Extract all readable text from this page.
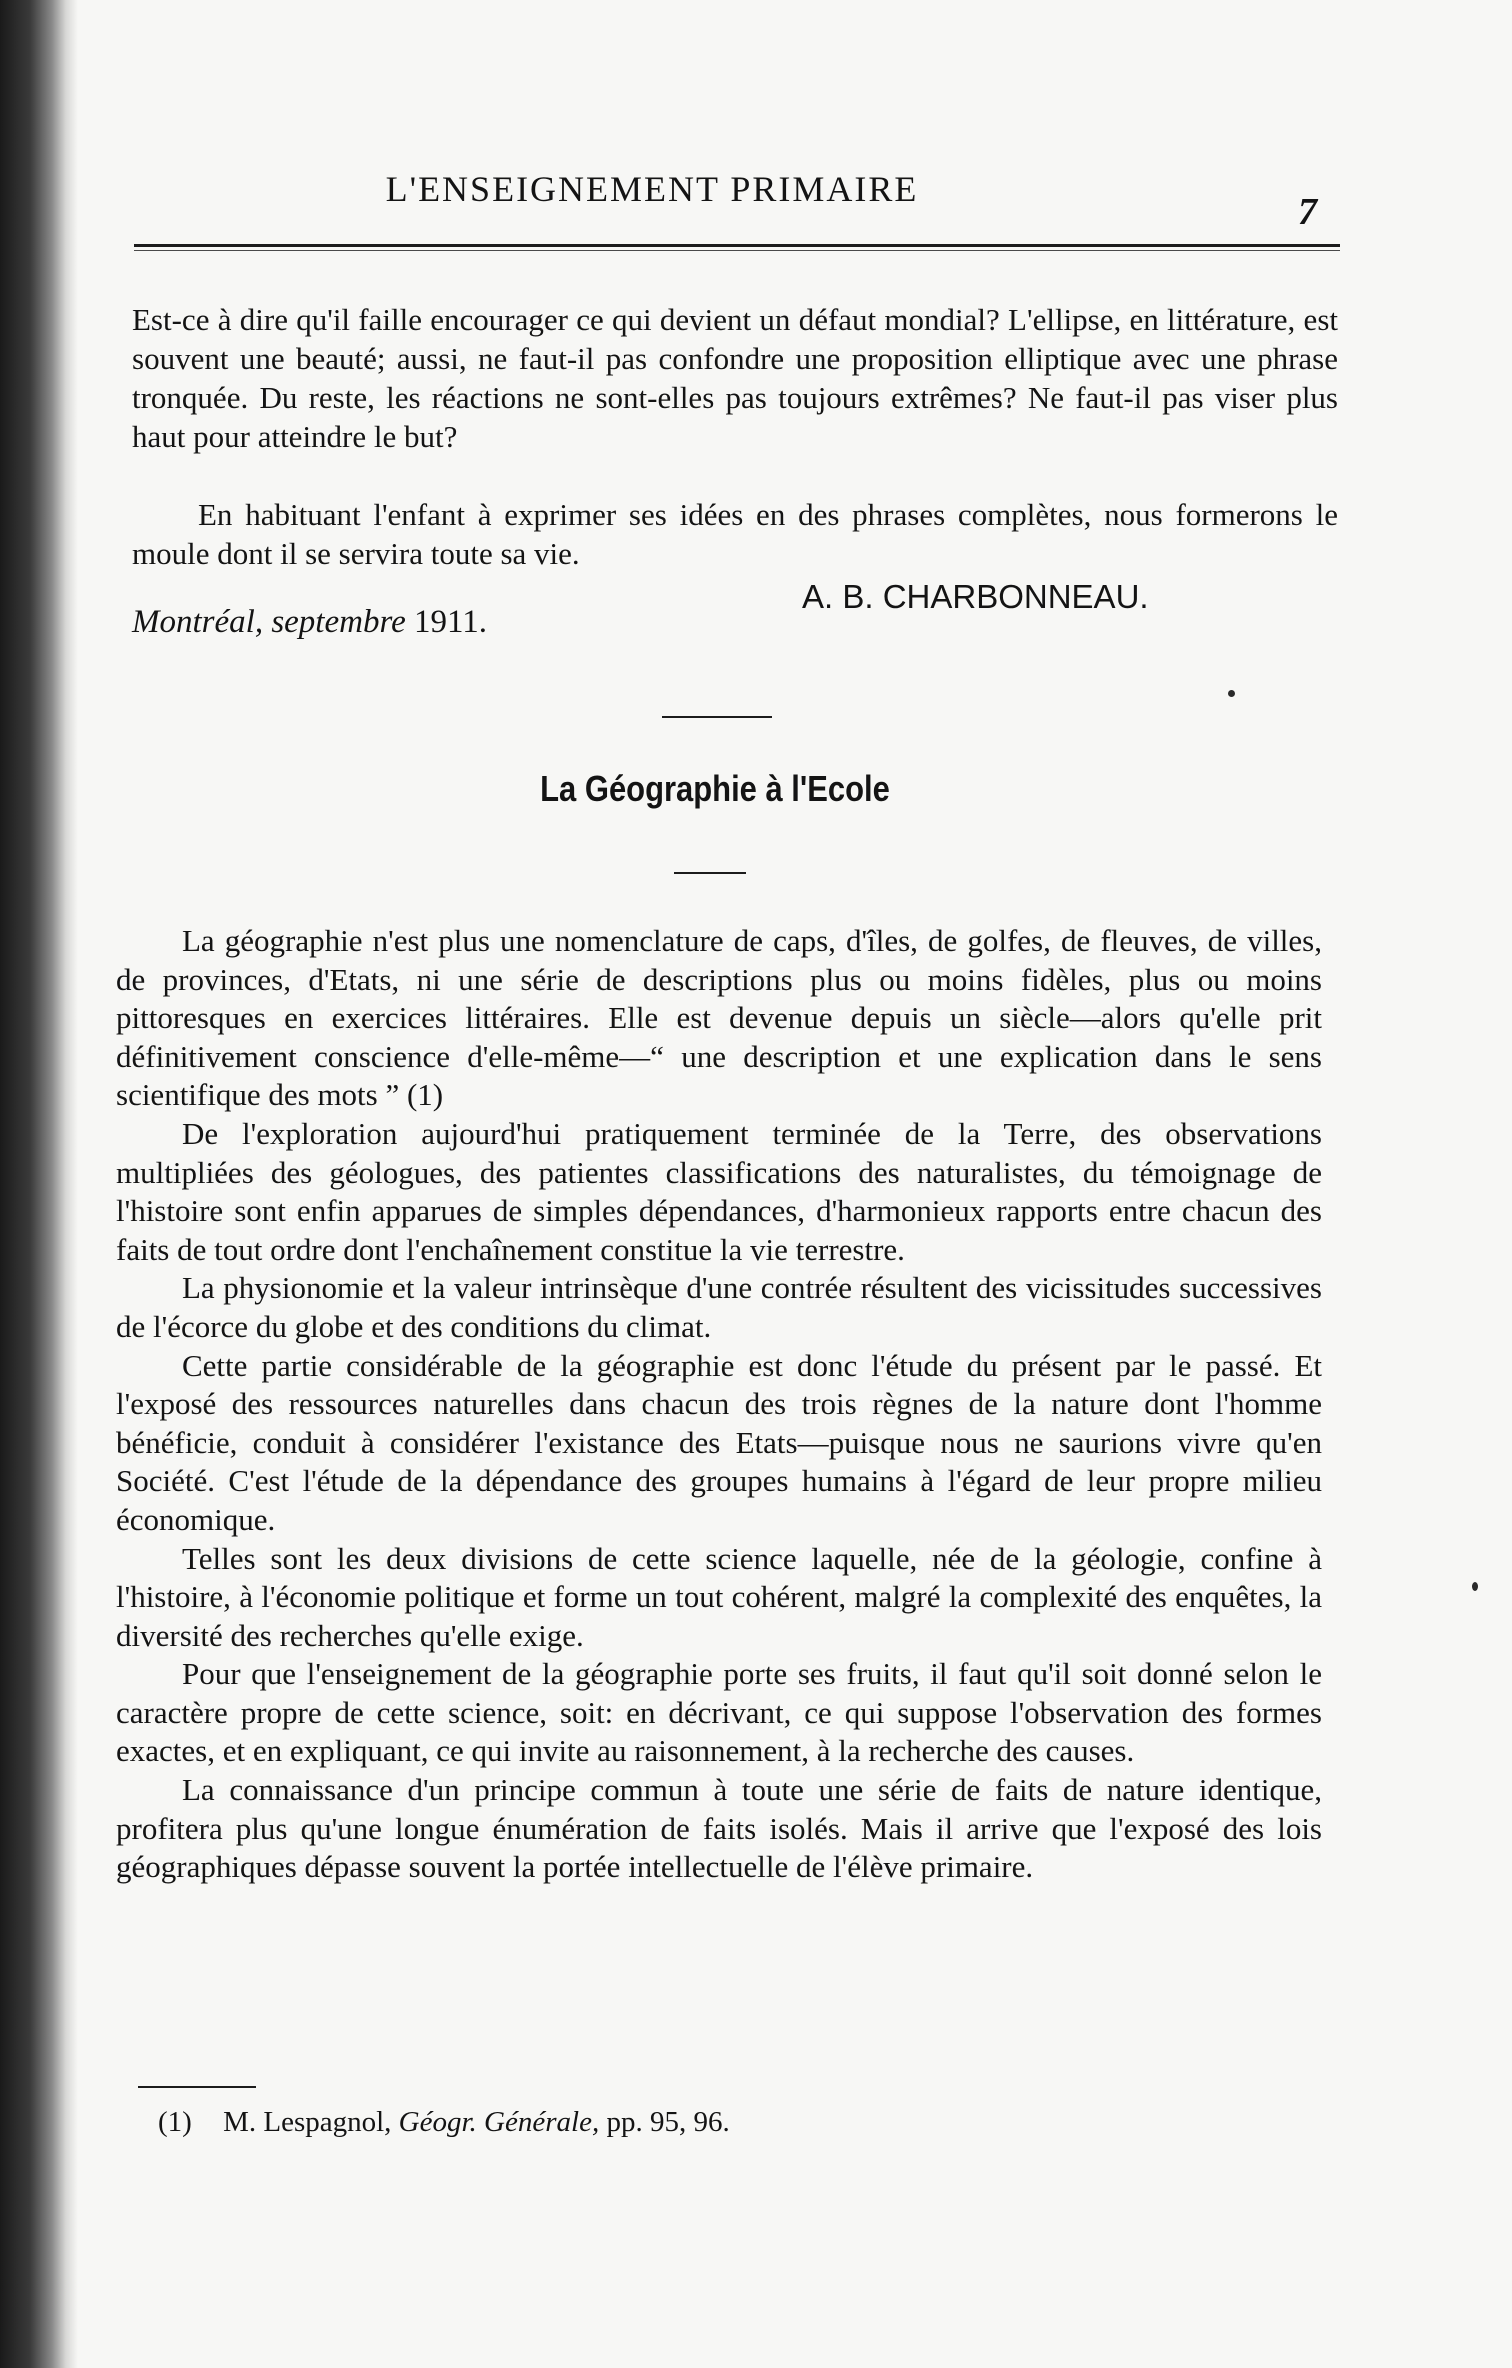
L'ENSEIGNEMENT PRIMAIRE
7

Est-ce à dire qu'il faille encourager ce qui devient un défaut mondial? L'ellipse, en littérature, est souvent une beauté; aussi, ne faut-il pas confondre une proposition elliptique avec une phrase tronquée. Du reste, les réactions ne sont-elles pas toujours extrêmes? Ne faut-il pas viser plus haut pour atteindre le but?

En habituant l'enfant à exprimer ses idées en des phrases complètes, nous formerons le moule dont il se servira toute sa vie.

A. B. CHARBONNEAU.
Montréal, septembre 1911.
La Géographie à l'Ecole

La géographie n'est plus une nomenclature de caps, d'îles, de golfes, de fleuves, de villes, de provinces, d'Etats, ni une série de descriptions plus ou moins fidèles, plus ou moins pittoresques en exercices littéraires. Elle est devenue depuis un siècle—alors qu'elle prit définitivement conscience d'elle-même—“ une description et une explication dans le sens scientifique des mots ” (1)

De l'exploration aujourd'hui pratiquement terminée de la Terre, des observations multipliées des géologues, des patientes classifications des naturalistes, du témoignage de l'histoire sont enfin apparues de simples dépendances, d'harmonieux rapports entre chacun des faits de tout ordre dont l'enchaînement constitue la vie terrestre.

La physionomie et la valeur intrinsèque d'une contrée résultent des vicissitudes successives de l'écorce du globe et des conditions du climat.

Cette partie considérable de la géographie est donc l'étude du présent par le passé. Et l'exposé des ressources naturelles dans chacun des trois règnes de la nature dont l'homme bénéficie, conduit à considérer l'existance des Etats—puisque nous ne saurions vivre qu'en Société. C'est l'étude de la dépendance des groupes humains à l'égard de leur propre milieu économique.

Telles sont les deux divisions de cette science laquelle, née de la géologie, confine à l'histoire, à l'économie politique et forme un tout cohérent, malgré la complexité des enquêtes, la diversité des recherches qu'elle exige.

Pour que l'enseignement de la géographie porte ses fruits, il faut qu'il soit donné selon le caractère propre de cette science, soit: en décrivant, ce qui suppose l'observation des formes exactes, et en expliquant, ce qui invite au raisonnement, à la recherche des causes.

La connaissance d'un principe commun à toute une série de faits de nature identique, profitera plus qu'une longue énumération de faits isolés. Mais il arrive que l'exposé des lois géographiques dépasse souvent la portée intellectuelle de l'élève primaire.

(1) M. Lespagnol, Géogr. Générale, pp. 95, 96.
